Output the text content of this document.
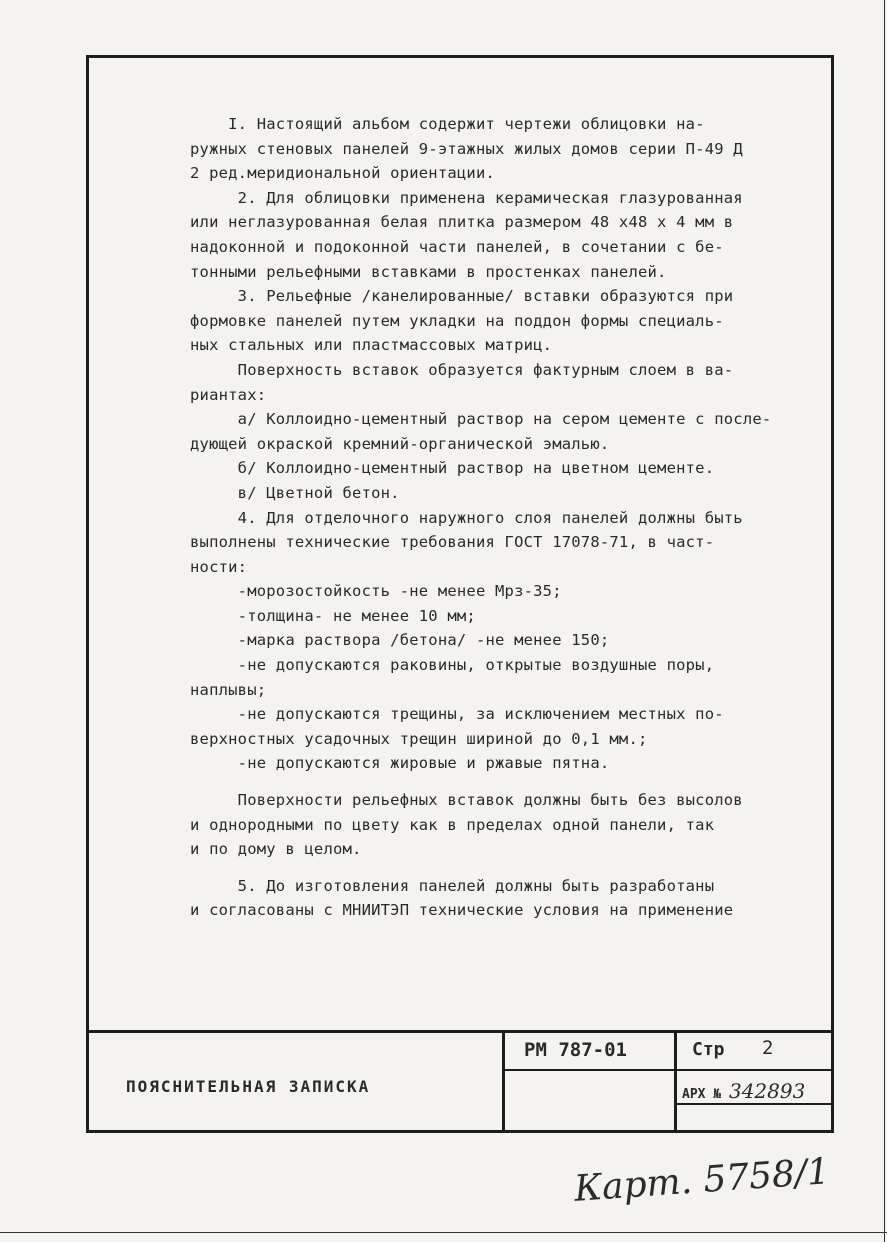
I. Настоящий альбом содержит чертежи облицовки на-
ружных стеновых панелей 9-этажных жилых домов серии П-49 Д
2 ред.меридиональной ориентации.
2. Для облицовки применена керамическая глазурованная
или неглазурованная белая плитка размером 48 х48 х 4 мм в
надоконной и подоконной части панелей, в сочетании с бе-
тонными рельефными вставками в простенках панелей.
3. Рельефные /канелированные/ вставки образуются при
формовке панелей путем укладки на поддон формы специаль-
ных стальных или пластмассовых матриц.
Поверхность вставок образуется фактурным слоем в ва-
риантах:
а/ Коллоидно-цементный раствор на сером цементе с после-
дующей окраской кремний-органической эмалью.
б/ Коллоидно-цементный раствор на цветном цементе.
в/ Цветной бетон.
4. Для отделочного наружного слоя панелей должны быть
выполнены технические требования ГОСТ 17078-71, в част-
ности:
-морозостойкость -не менее Мрз-35;
-толщина- не менее 10 мм;
-марка раствора /бетона/ -не менее 150;
-не допускаются раковины, открытые воздушные поры,
наплывы;
-не допускаются трещины, за исключением местных по-
верхностных усадочных трещин шириной до 0,1 мм.;
-не допускаются жировые и ржавые пятна.
Поверхности рельефных вставок должны быть без высолов
и однородными по цвету как в пределах одной панели, так
и по дому в целом.
5. До изготовления панелей должны быть разработаны
и согласованы с МНИИТЭП технические условия на применение
ПОЯСНИТЕЛЬНАЯ ЗАПИСКА
РМ 787-01	Стр 2
АРХ № 342893
Карт. 5758/1
